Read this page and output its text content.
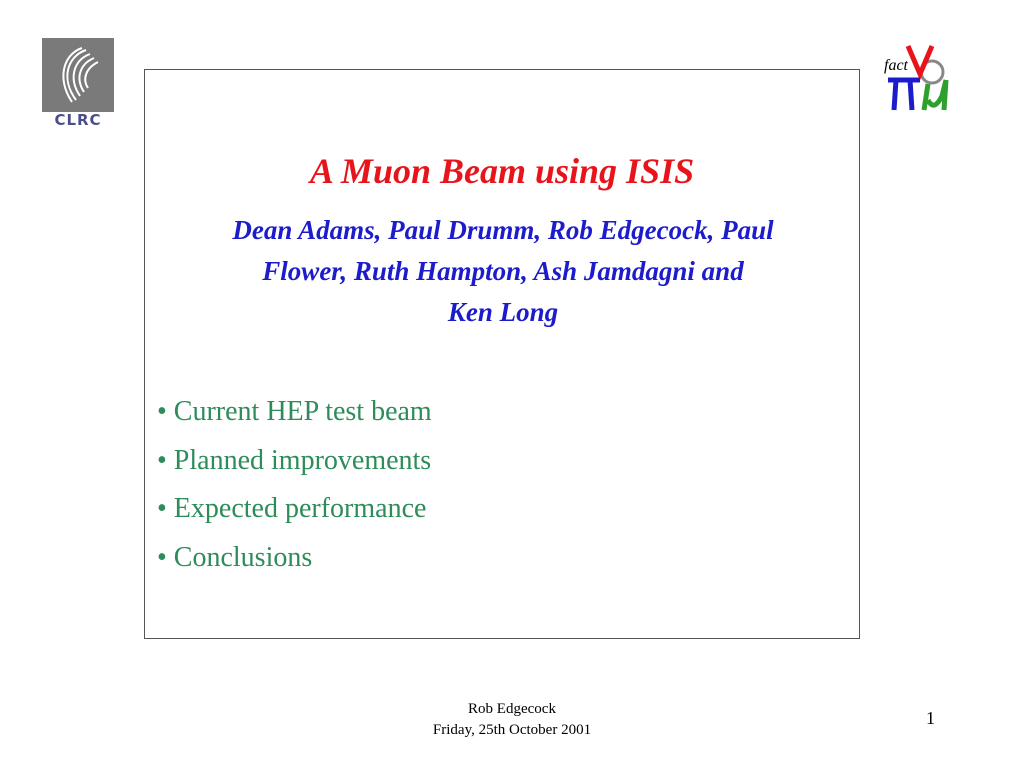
CLRC
fact
A Muon Beam using ISIS
Dean Adams, Paul Drumm, Rob Edgecock, Paul
Flower, Ruth Hampton, Ash Jamdagni and
Ken Long
• Current HEP test beam
• Planned improvements
• Expected performance
• Conclusions
Rob Edgecock
Friday, 25th October 2001
1
